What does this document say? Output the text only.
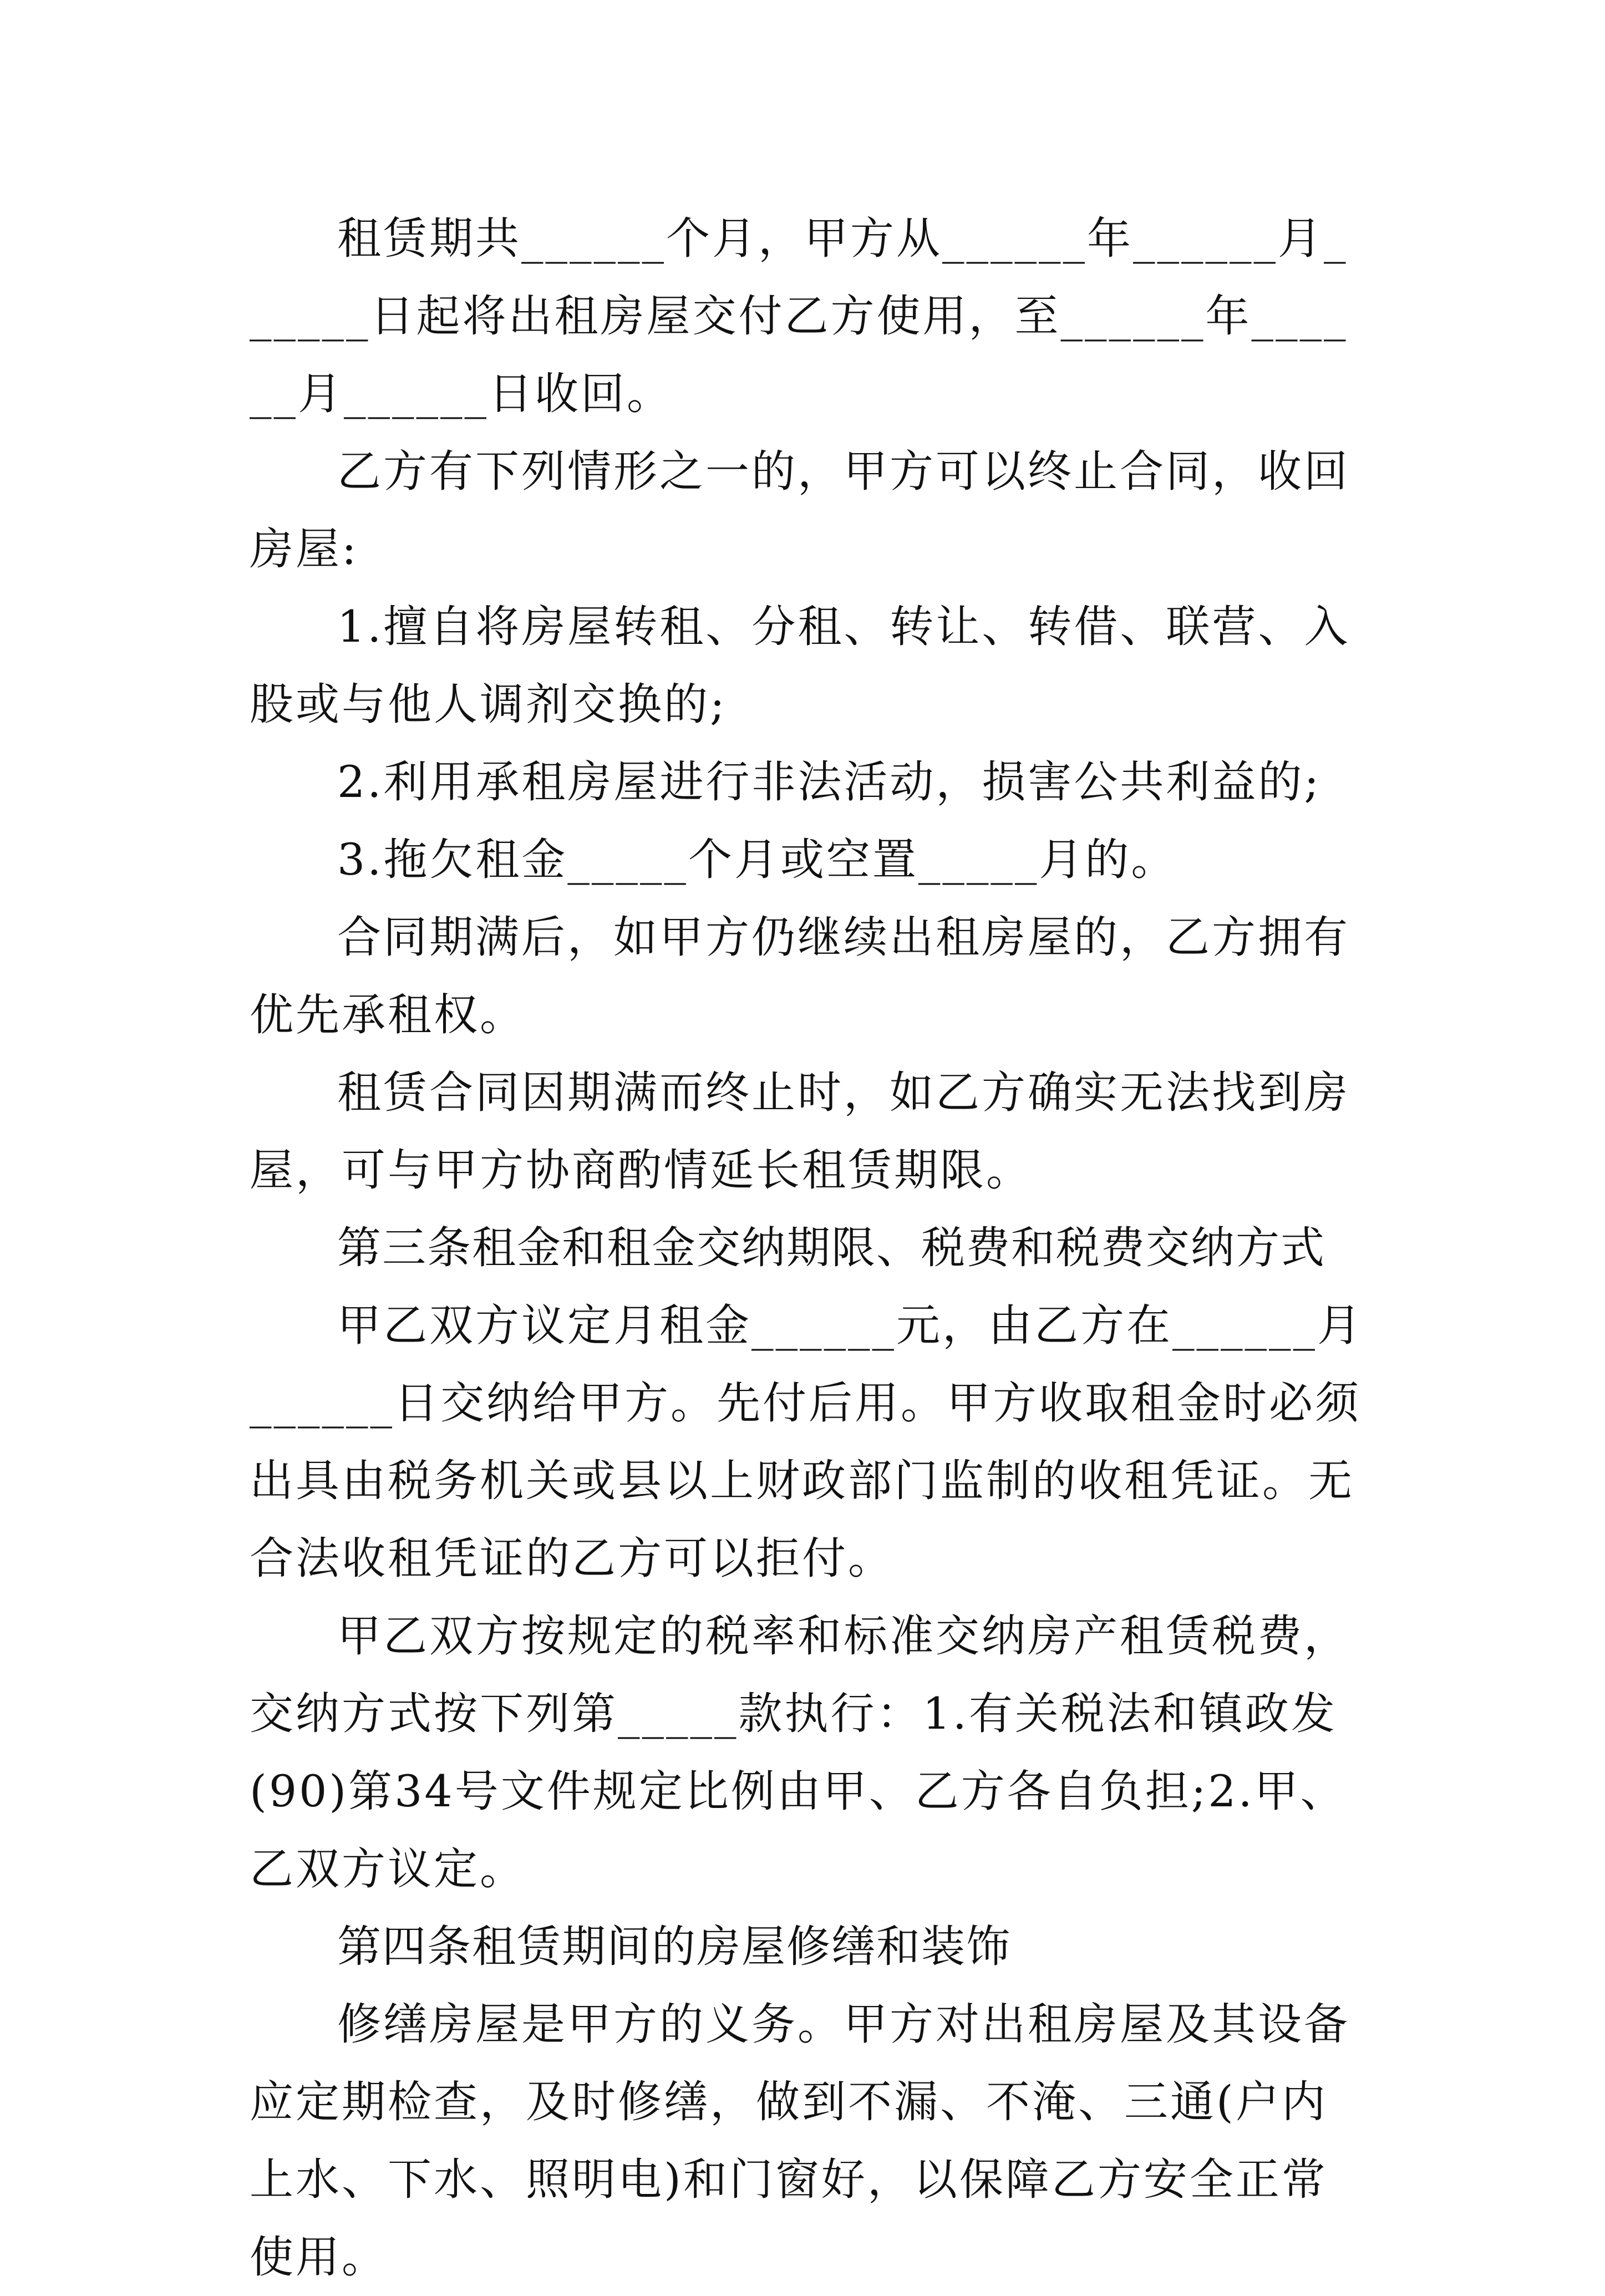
租赁期共______个月，甲方从______年______月______日起将出租房屋交付乙方使用，至______年______月______日收回。

乙方有下列情形之一的，甲方可以终止合同，收回房屋:

1.擅自将房屋转租、分租、转让、转借、联营、入股或与他人调剂交换的;

2.利用承租房屋进行非法活动，损害公共利益的;

3.拖欠租金_____个月或空置_____月的。

合同期满后，如甲方仍继续出租房屋的，乙方拥有优先承租权。

租赁合同因期满而终止时，如乙方确实无法找到房屋，可与甲方协商酌情延长租赁期限。

第三条租金和租金交纳期限、税费和税费交纳方式

甲乙双方议定月租金______元，由乙方在______月______日交纳给甲方。先付后用。甲方收取租金时必须出具由税务机关或县以上财政部门监制的收租凭证。无合法收租凭证的乙方可以拒付。

甲乙双方按规定的税率和标准交纳房产租赁税费，交纳方式按下列第_____款执行：1.有关税法和镇政发(90)第34号文件规定比例由甲、乙方各自负担;2.甲、乙双方议定。

第四条租赁期间的房屋修缮和装饰

修缮房屋是甲方的义务。甲方对出租房屋及其设备应定期检查，及时修缮，做到不漏、不淹、三通(户内上水、下水、照明电)和门窗好，以保障乙方安全正常使用。
